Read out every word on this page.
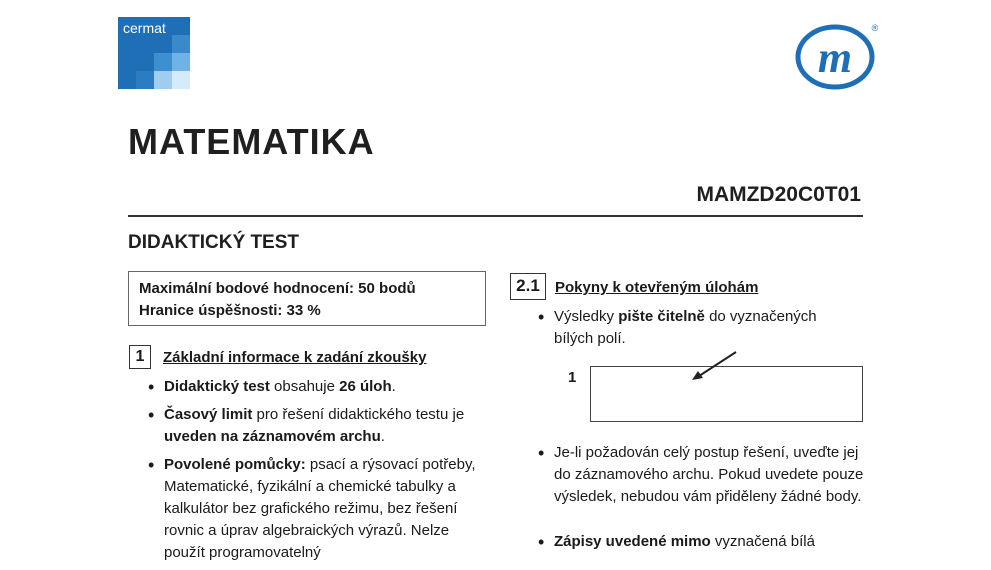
cermat
m
®
MATEMATIKA
MAMZD20C0T01
DIDAKTICKÝ TEST
Maximální bodové hodnocení: 50 bodů
Hranice úspěšnosti: 33 %
1	Základní informace k zadání zkoušky
• Didaktický test obsahuje 26 úloh.
• Časový limit pro řešení didaktického testu je uveden na záznamovém archu.
• Povolené pomůcky: psací a rýsovací potřeby, Matematické, fyzikální a chemické tabulky a kalkulátor bez grafického režimu, bez řešení rovnic a úprav algebraických výrazů. Nelze použít programovatelný
2.1	Pokyny k otevřeným úlohám
• Výsledky pište čitelně do vyznačených bílých polí.
1
• Je-li požadován celý postup řešení, uveďte jej do záznamového archu. Pokud uvedete pouze výsledek, nebudou vám přiděleny žádné body.
• Zápisy uvedené mimo vyznačená bílá
